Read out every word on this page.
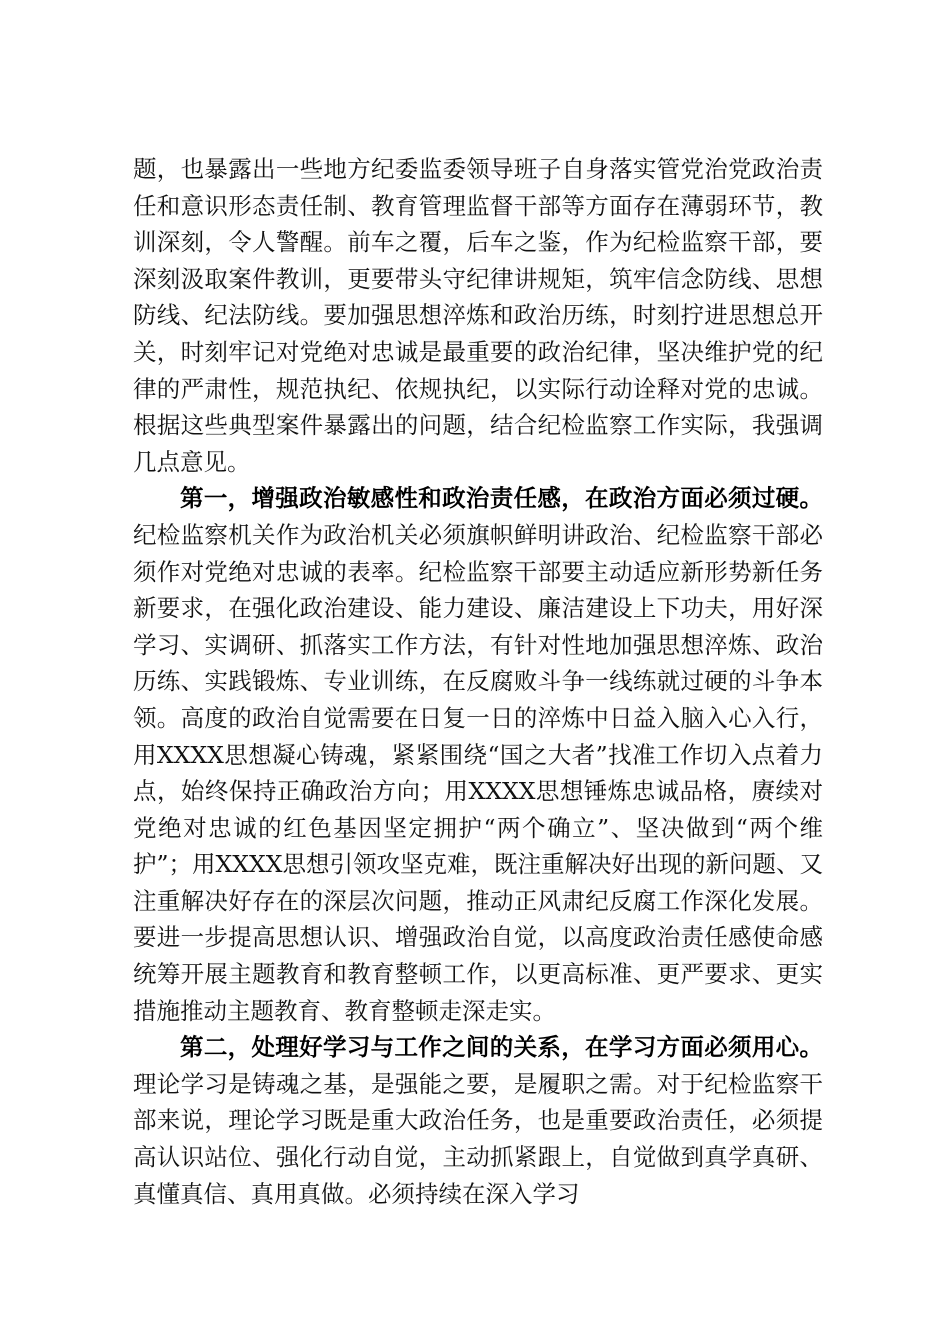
题，也暴露出一些地方纪委监委领导班子自身落实管党治党政治责任和意识形态责任制、教育管理监督干部等方面存在薄弱环节，教训深刻，令人警醒。前车之覆，后车之鉴，作为纪检监察干部，要深刻汲取案件教训，更要带头守纪律讲规矩，筑牢信念防线、思想防线、纪法防线。要加强思想淬炼和政治历练，时刻拧进思想总开关，时刻牢记对党绝对忠诚是最重要的政治纪律，坚决维护党的纪律的严肃性，规范执纪、依规执纪，以实际行动诠释对党的忠诚。根据这些典型案件暴露出的问题，结合纪检监察工作实际，我强调几点意见。

第一，增强政治敏感性和政治责任感，在政治方面必须过硬。纪检监察机关作为政治机关必须旗帜鲜明讲政治、纪检监察干部必须作对党绝对忠诚的表率。纪检监察干部要主动适应新形势新任务新要求，在强化政治建设、能力建设、廉洁建设上下功夫，用好深学习、实调研、抓落实工作方法，有针对性地加强思想淬炼、政治历练、实践锻炼、专业训练，在反腐败斗争一线练就过硬的斗争本领。高度的政治自觉需要在日复一日的淬炼中日益入脑入心入行，用XXXX思想凝心铸魂，紧紧围绕“国之大者”找准工作切入点着力点，始终保持正确政治方向；用XXXX思想锤炼忠诚品格，赓续对党绝对忠诚的红色基因坚定拥护“两个确立”、坚决做到“两个维护”；用XXXX思想引领攻坚克难，既注重解决好出现的新问题、又注重解决好存在的深层次问题，推动正风肃纪反腐工作深化发展。要进一步提高思想认识、增强政治自觉，以高度政治责任感使命感统筹开展主题教育和教育整顿工作，以更高标准、更严要求、更实措施推动主题教育、教育整顿走深走实。

第二，处理好学习与工作之间的关系，在学习方面必须用心。理论学习是铸魂之基，是强能之要，是履职之需。对于纪检监察干部来说，理论学习既是重大政治任务，也是重要政治责任，必须提高认识站位、强化行动自觉，主动抓紧跟上，自觉做到真学真研、真懂真信、真用真做。必须持续在深入学习
